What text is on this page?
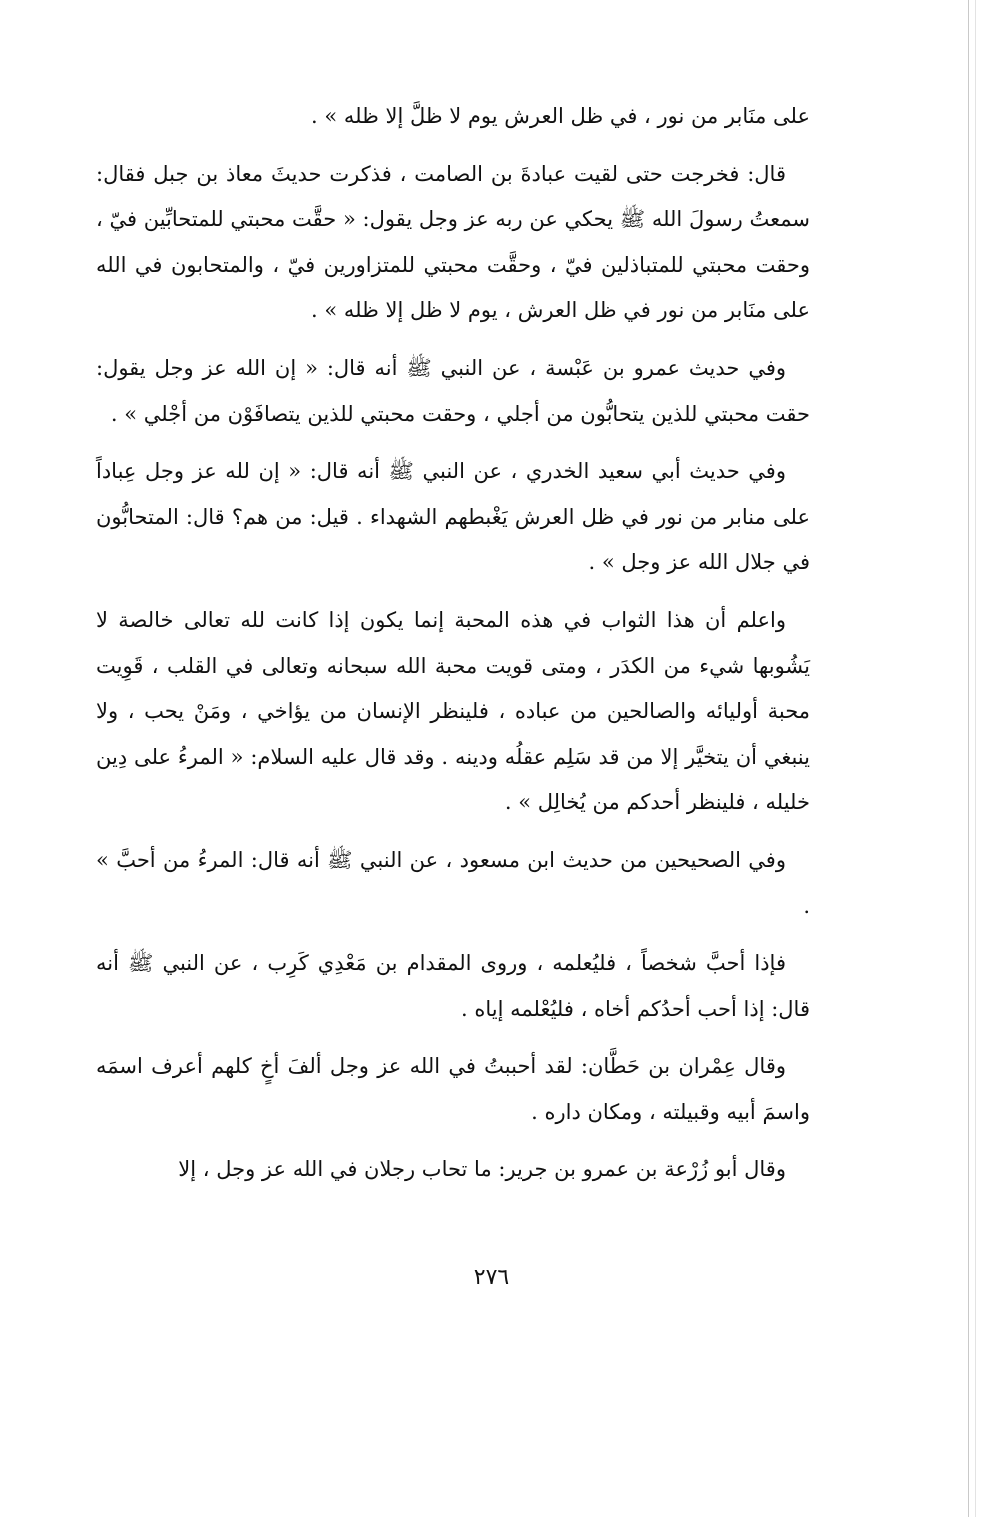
على منَابر من نور ، في ظل العرش يوم لا ظلَّ إلا ظله » .

قال: فخرجت حتى لقيت عبادةَ بن الصامت ، فذكرت حديثَ معاذ بن جبل فقال: سمعتُ رسولَ الله ﷺ يحكي عن ربه عز وجل يقول: « حقَّت محبتي للمتحابِّين فيّ ، وحقت محبتي للمتباذلين فيّ ، وحقَّت محبتي للمتزاورين فيّ ، والمتحابون في الله على منَابر من نور في ظل العرش ، يوم لا ظل إلا ظله » .

وفي حديث عمرو بن عَبْسة ، عن النبي ﷺ أنه قال: « إن الله عز وجل يقول: حقت محبتي للذين يتحابُّون من أجلي ، وحقت محبتي للذين يتصافَوْن من أجْلي » .

وفي حديث أبي سعيد الخدري ، عن النبي ﷺ أنه قال: « إن لله عز وجل عِباداً على منابر من نور في ظل العرش يَغْبطهم الشهداء . قيل: من هم؟ قال: المتحابُّون في جلال الله عز وجل » .

واعلم أن هذا الثواب في هذه المحبة إنما يكون إذا كانت لله تعالى خالصة لا يَشُوبها شيء من الكدَر ، ومتى قويت محبة الله سبحانه وتعالى في القلب ، قَوِيت محبة أوليائه والصالحين من عباده ، فلينظر الإنسان من يؤاخي ، ومَنْ يحب ، ولا ينبغي أن يتخيَّر إلا من قد سَلِم عقلُه ودينه . وقد قال عليه السلام: « المرءُ على دِين خليله ، فلينظر أحدكم من يُخالِل » .

وفي الصحيحين من حديث ابن مسعود ، عن النبي ﷺ أنه قال: المرءُ من أحبَّ » .

فإذا أحبَّ شخصاً ، فليُعلمه ، وروى المقدام بن مَعْدِي كَرِب ، عن النبي ﷺ أنه قال: إذا أحب أحدُكم أخاه ، فليُعْلمه إياه .

وقال عِمْران بن حَطَّان: لقد أحببتُ في الله عز وجل ألفَ أخٍ كلهم أعرف اسمَه واسمَ أبيه وقبيلته ، ومكان داره .

وقال أبو زُرْعة بن عمرو بن جرير: ما تحاب رجلان في الله عز وجل ، إلا

٢٧٦
